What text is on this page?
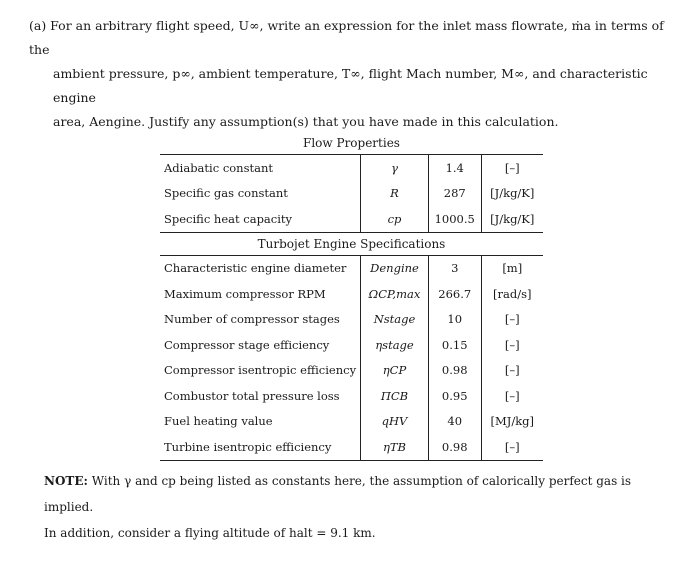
(a) For an arbitrary flight speed, U∞, write an expression for the inlet mass flowrate, ṁa in terms of the
ambient pressure, p∞, ambient temperature, T∞, flight Mach number, M∞, and characteristic engine
area, Aengine. Justify any assumption(s) that you have made in this calculation.
Flow Properties			
Adiabatic constant	γ	1.4	[–]
Specific gas constant	R	287	[J/kg/K]
Specific heat capacity	cp	1000.5	[J/kg/K]
Turbojet Engine Specifications			
Characteristic engine diameter	Dengine	3	[m]
Maximum compressor RPM	ΩCP,max	266.7	[rad/s]
Number of compressor stages	Nstage	10	[–]
Compressor stage efficiency	ηstage	0.15	[–]
Compressor isentropic efficiency	ηCP	0.98	[–]
Combustor total pressure loss	ΠCB	0.95	[–]
Fuel heating value	qHV	40	[MJ/kg]
Turbine isentropic efficiency	ηTB	0.98	[–]
NOTE: With γ and cp being listed as constants here, the assumption of calorically perfect gas is implied.
In addition, consider a flying altitude of halt = 9.1 km.
